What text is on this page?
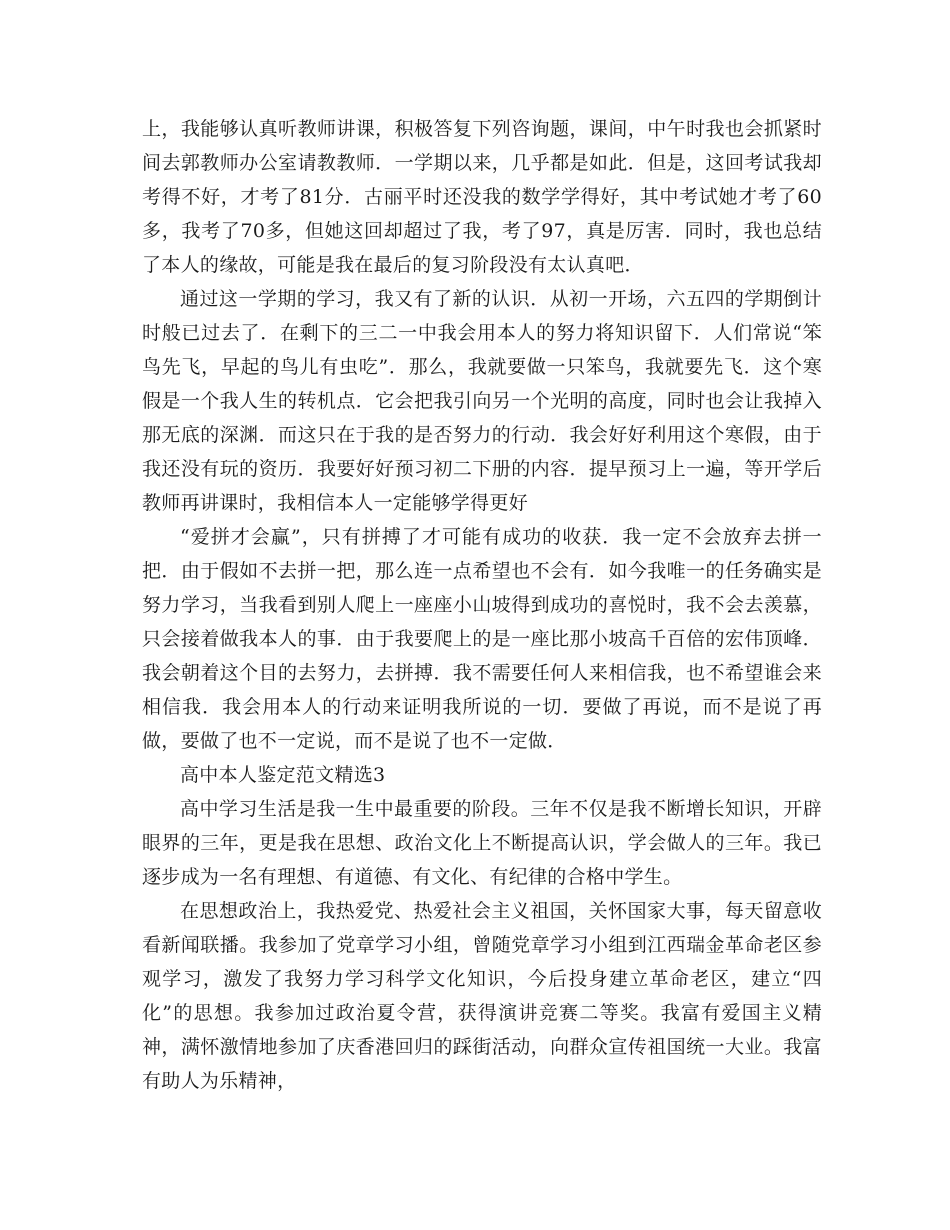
上，我能够认真听教师讲课，积极答复下列咨询题，课间，中午时我也会抓紧时间去郭教师办公室请教教师．一学期以来，几乎都是如此．但是，这回考试我却考得不好，才考了81分．古丽平时还没我的数学学得好，其中考试她才考了60多，我考了70多，但她这回却超过了我，考了97，真是厉害．同时，我也总结了本人的缘故，可能是我在最后的复习阶段没有太认真吧．

通过这一学期的学习，我又有了新的认识．从初一开场，六五四的学期倒计时般已过去了．在剩下的三二一中我会用本人的努力将知识留下．人们常说“笨鸟先飞，早起的鸟儿有虫吃”．那么，我就要做一只笨鸟，我就要先飞．这个寒假是一个我人生的转机点．它会把我引向另一个光明的高度，同时也会让我掉入那无底的深渊．而这只在于我的是否努力的行动．我会好好利用这个寒假，由于我还没有玩的资历．我要好好预习初二下册的内容．提早预习上一遍，等开学后教师再讲课时，我相信本人一定能够学得更好

“爱拼才会赢”，只有拼搏了才可能有成功的收获．我一定不会放弃去拼一把．由于假如不去拼一把，那么连一点希望也不会有．如今我唯一的任务确实是努力学习，当我看到别人爬上一座座小山坡得到成功的喜悦时，我不会去羡慕，只会接着做我本人的事．由于我要爬上的是一座比那小坡高千百倍的宏伟顶峰．我会朝着这个目的去努力，去拼搏．我不需要任何人来相信我，也不希望谁会来相信我．我会用本人的行动来证明我所说的一切．要做了再说，而不是说了再做，要做了也不一定说，而不是说了也不一定做．

高中本人鉴定范文精选3

高中学习生活是我一生中最重要的阶段。三年不仅是我不断增长知识，开辟眼界的三年，更是我在思想、政治文化上不断提高认识，学会做人的三年。我已逐步成为一名有理想、有道德、有文化、有纪律的合格中学生。

在思想政治上，我热爱党、热爱社会主义祖国，关怀国家大事，每天留意收看新闻联播。我参加了党章学习小组，曾随党章学习小组到江西瑞金革命老区参观学习，激发了我努力学习科学文化知识，今后投身建立革命老区，建立“四化”的思想。我参加过政治夏令营，获得演讲竞赛二等奖。我富有爱国主义精神，满怀激情地参加了庆香港回归的踩街活动，向群众宣传祖国统一大业。我富有助人为乐精神，
